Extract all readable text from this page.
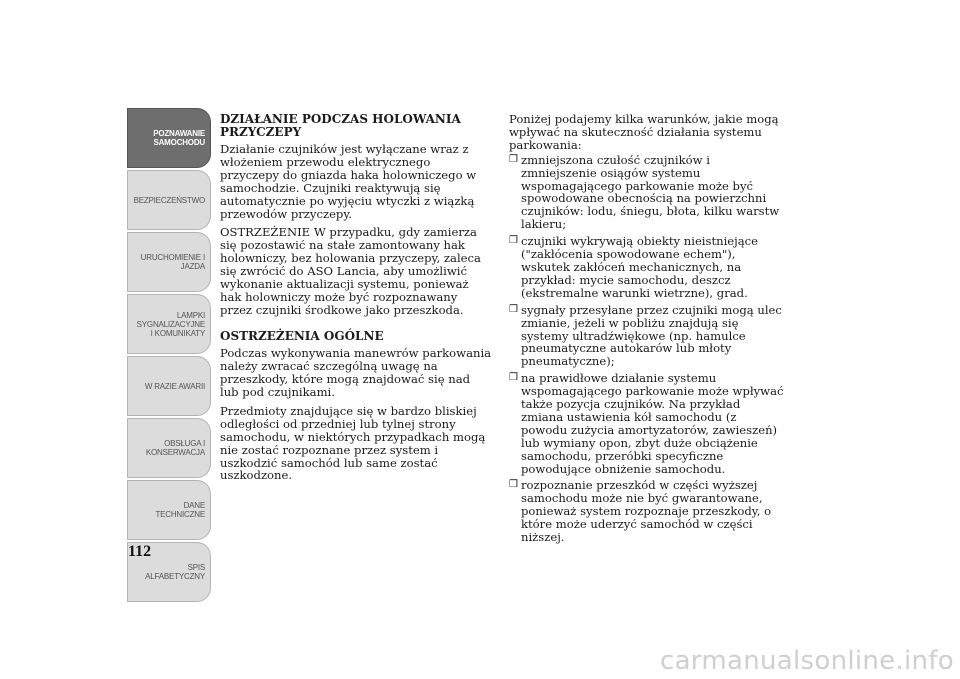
POZNAWANIE
SAMOCHODU
BEZPIECZEŃSTWO
URUCHOMIENIE I
JAZDA
LAMPKI
SYGNALIZACYJNE
I KOMUNIKATY
W RAZIE AWARII
OBSŁUGA I
KONSERWACJA
DANE
TECHNICZNE
SPIS
ALFABETYCZNY
112
DZIAŁANIE PODCZAS HOLOWANIA PRZYCZEPY

Działanie czujników jest wyłączane wraz z włożeniem przewodu elektrycznego przyczepy do gniazda haka holowniczego w samochodzie. Czujniki reaktywują się automatycznie po wyjęciu wtyczki z wiązką przewodów przyczepy.

OSTRZEŻENIE W przypadku, gdy zamierza się pozostawić na stałe zamontowany hak holowniczy, bez holowania przyczepy, zaleca się zwrócić do ASO Lancia, aby umożliwić wykonanie aktualizacji systemu, ponieważ hak holowniczy może być rozpoznawany przez czujniki środkowe jako przeszkoda.

OSTRZEŻENIA OGÓLNE

Podczas wykonywania manewrów parkowania należy zwracać szczególną uwagę na przeszkody, które mogą znajdować się nad lub pod czujnikami.

Przedmioty znajdujące się w bardzo bliskiej odległości od przedniej lub tylnej strony samochodu, w niektórych przypadkach mogą nie zostać rozpoznane przez system i uszkodzić samochód lub same zostać uszkodzone.

Poniżej podajemy kilka warunków, jakie mogą wpływać na skuteczność działania systemu parkowania:

❒ zmniejszona czułość czujników i zmniejszenie osiągów systemu wspomagającego parkowanie może być spowodowane obecnością na powierzchni czujników: lodu, śniegu, błota, kilku warstw lakieru;
❒ czujniki wykrywają obiekty nieistniejące ("zakłócenia spowodowane echem"), wskutek zakłóceń mechanicznych, na przykład: mycie samochodu, deszcz (ekstremalne warunki wietrzne), grad.
❒ sygnały przesyłane przez czujniki mogą ulec zmianie, jeżeli w pobliżu znajdują się systemy ultradźwiękowe (np. hamulce pneumatyczne autokarów lub młoty pneumatyczne);
❒ na prawidłowe działanie systemu wspomagającego parkowanie może wpływać także pozycja czujników. Na przykład zmiana ustawienia kół samochodu (z powodu zużycia amortyzatorów, zawieszeń) lub wymiany opon, zbyt duże obciążenie samochodu, przeróbki specyficzne powodujące obniżenie samochodu.
❒ rozpoznanie przeszkód w części wyższej samochodu może nie być gwarantowane, ponieważ system rozpoznaje przeszkody, o które może uderzyć samochód w części niższej.
carmanualsonline.info
